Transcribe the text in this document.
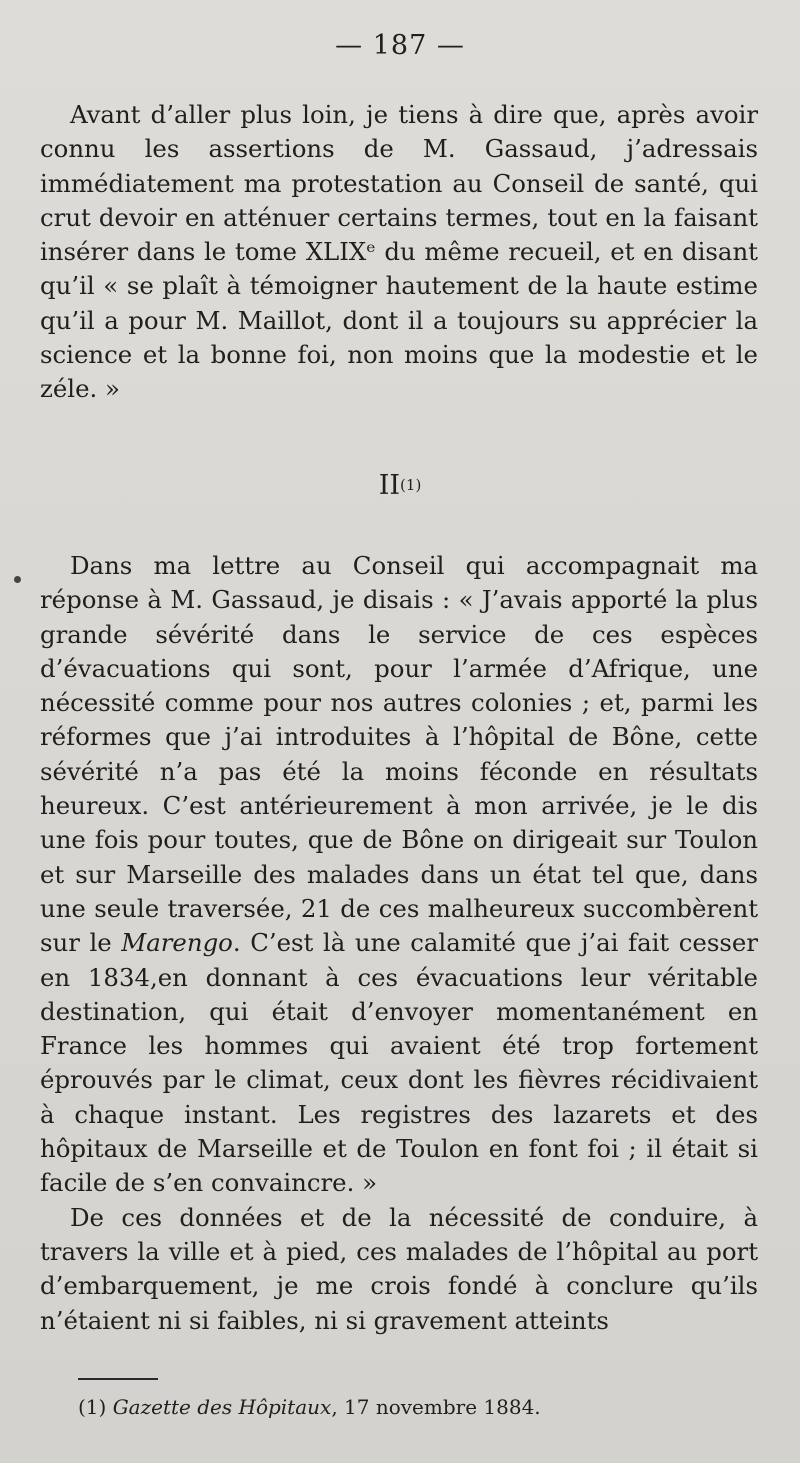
— 187 —

Avant d’aller plus loin, je tiens à dire que, après avoir connu les assertions de M. Gassaud, j’adressais immédiatement ma protestation au Conseil de santé, qui crut devoir en atténuer certains termes, tout en la faisant insérer dans le tome XLIXᵉ du même recueil, et en disant qu’il « se plaît à témoigner hautement de la haute estime qu’il a pour M. Maillot, dont il a toujours su apprécier la science et la bonne foi, non moins que la modestie et le zéle. »

II$^{(1)}$

Dans ma lettre au Conseil qui accompagnait ma réponse à M. Gassaud, je disais : « J’avais apporté la plus grande sévérité dans le service de ces espèces d’évacuations qui sont, pour l’armée d’Afrique, une nécessité comme pour nos autres colonies ; et, parmi les réformes que j’ai introduites à l’hôpital de Bône, cette sévérité n’a pas été la moins féconde en résultats heureux. C’est antérieurement à mon arrivée, je le dis une fois pour toutes, que de Bône on dirigeait sur Toulon et sur Marseille des malades dans un état tel que, dans une seule traversée, 21 de ces malheureux succombèrent sur le Marengo. C’est là une calamité que j’ai fait cesser en 1834,en donnant à ces évacuations leur véritable destination, qui était d’envoyer momentanément en France les hommes qui avaient été trop fortement éprouvés par le climat, ceux dont les fièvres récidivaient à chaque instant. Les registres des lazarets et des hôpitaux de Marseille et de Toulon en font foi ; il était si facile de s’en convaincre. »

De ces données et de la nécessité de conduire, à travers la ville et à pied, ces malades de l’hôpital au port d’embarquement, je me crois fondé à conclure qu’ils n’étaient ni si faibles, ni si gravement atteints

(1) Gazette des Hôpitaux, 17 novembre 1884.
